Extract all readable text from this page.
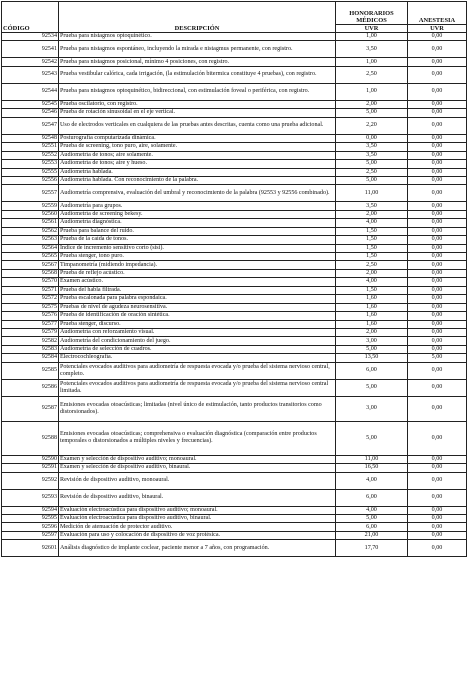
CÓDIGO	DESCRIPCIÓN	HONORARIOS MÉDICOS	ANESTESIA
		UVR	UVR
92534	Prueba para nistagmos optoquinético.	1,00	0,00
92541	Prueba para nistagmos espontáneo, incluyendo la mirada e nistagmus permanente, con registro.	3,50	0,00
92542	Prueba para nistagmos posicional, mínimo 4 posiciones, con registro.	1,00	0,00
92543	Prueba vestibular calórica, cada irrigación, (la estimulación bitermica constituye 4 pruebas), con registro.	2,50	0,00
92544	Prueba para nistagmos optoquinético, bidireccional, con estimulación foveal o periférica, con registro.	1,00	0,00
92545	Prueba oscilatorio, con registro.	2,00	0,00
92546	Prueba de rotación sinusoidal en el eje vertical.	5,00	0,00
92547	Uso de electrodos verticales en cualquiera de las pruebas antes descritas, cuenta como una prueba adicional.	2,20	0,00
92548	Posturografía computarizada dinámica.	0,00	0,00
92551	Prueba de screening, tono puro, aire, solamente.	3,50	0,00
92552	Audiometría de tonos; aire solamente.	3,50	0,00
92553	Audiometría de tonos; aire y hueso.	5,00	0,00
92555	Audiometría hablada.	2,50	0,00
92556	Audiometría hablada. Con reconocimiento de la palabra.	5,00	0,00
92557	Audiometría comprensiva, evaluación del umbral y reconocimiento de la palabra (92553 y 92556 combinado).	11,00	0,00
92559	Audiometría para grupos.	3,50	0,00
92560	Audiometría de screening bekesy.	2,00	0,00
92561	Audiometría diagnóstica.	4,00	0,00
92562	Prueba para balance del ruido.	1,50	0,00
92563	Prueba de la caída de tonos.	1,50	0,00
92564	Índice de incremento sensitivo corto (sisi).	1,50	0,00
92565	Prueba stenger, tono puro.	1,50	0,00
92567	Timpanometría (midiendo impedancia).	2,50	0,00
92568	Prueba de reflejo acústico.	2,00	0,00
92570	Examen acústico.	4,00	0,00
92571	Prueba del habla filtrada.	1,50	0,00
92572	Prueba escalonada para palabra espondaica.	1,60	0,00
92575	Pruebas de nivel de agudeza neurosensitiva.	1,60	0,00
92576	Prueba de identificación de oración sintética.	1,60	0,00
92577	Prueba stenger, discurso.	1,60	0,00
92579	Audiometría con reforzamiento visual.	2,00	0,00
92582	Audiometría del condicionamiento del juego.	3,00	0,00
92583	Audiometría de selección de cuadros.	5,00	0,00
92584	Electrocochleografía.	13,50	5,00
92585	Potenciales evocados auditivos para audiometría de respuesta evocada y/o prueba del sistema nervioso central, completo.	6,00	0,00
92586	Potenciales evocados auditivos para audiometría de respuesta evocada y/o prueba del sistema nervioso central limitada.	5,00	0,00
92587	Emisiones evocadas otoacústicas; limitadas (nivel único de estimulación, tanto productos transitorios como distorsionados).	3,00	0,00
92588	Emisiones evocadas otoacústicas; comprehensiva o evaluación diagnóstica (comparación entre productos temporales o distorsionados a múltiples niveles y frecuencias).	5,00	0,00
92590	Examen y selección de dispositivo auditivo; monoaural.	11,00	0,00
92591	Examen y selección de dispositivo auditivo, binaural.	16,50	0,00
92592	Revisión de dispositivo auditivo, monoaural.	4,00	0,00
92593	Revisión de dispositivo auditivo, binaural.	6,00	0,00
92594	Evaluación electroacústica para dispositivo auditivo; monoaural.	4,00	0,00
92595	Evaluación electroacústica para dispositivo auditivo, binaural.	5,00	0,00
92596	Medición de atenuación de protector auditivo.	6,00	0,00
92597	Evaluación para uso y colocación de dispositivo de voz protésica.	21,00	0,00
92601	Análisis diagnóstico de implante coclear, paciente menor a 7 años, con programación.	17,70	0,00
